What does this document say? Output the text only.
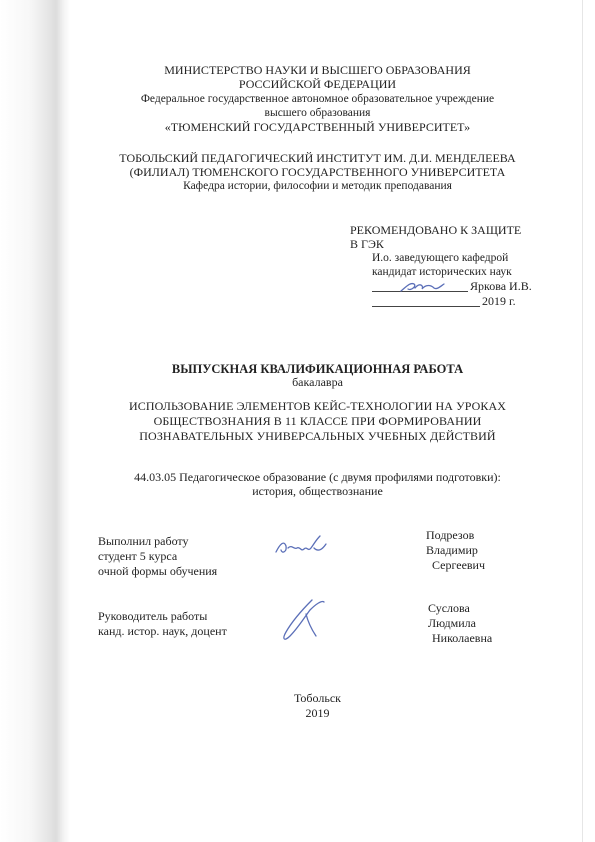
МИНИСТЕРСТВО НАУКИ И ВЫСШЕГО ОБРАЗОВАНИЯ
РОССИЙСКОЙ ФЕДЕРАЦИИ
Федеральное государственное автономное образовательное учреждение
высшего образования
«ТЮМЕНСКИЙ ГОСУДАРСТВЕННЫЙ УНИВЕРСИТЕТ»
ТОБОЛЬСКИЙ ПЕДАГОГИЧЕСКИЙ ИНСТИТУТ ИМ. Д.И. МЕНДЕЛЕЕВА
(ФИЛИАЛ) ТЮМЕНСКОГО ГОСУДАРСТВЕННОГО УНИВЕРСИТЕТА
Кафедра истории, философии и методик преподавания
РЕКОМЕНДОВАНО К ЗАЩИТЕ
В ГЭК
И.о. заведующего кафедрой
кандидат исторических наук
Яркова И.В.
2019 г.
ВЫПУСКНАЯ КВАЛИФИКАЦИОННАЯ РАБОТА
бакалавра
ИСПОЛЬЗОВАНИЕ ЭЛЕМЕНТОВ КЕЙС-ТЕХНОЛОГИИ НА УРОКАХ
ОБЩЕСТВОЗНАНИЯ В 11 КЛАССЕ ПРИ ФОРМИРОВАНИИ
ПОЗНАВАТЕЛЬНЫХ УНИВЕРСАЛЬНЫХ УЧЕБНЫХ ДЕЙСТВИЙ
44.03.05 Педагогическое образование (с двумя профилями подготовки):
история, обществознание
Выполнил работу
студент 5 курса
очной формы обучения
Подрезов
Владимир
Сергеевич
Руководитель работы
канд. истор. наук, доцент
Суслова
Людмила
Николаевна
Тобольск
2019
